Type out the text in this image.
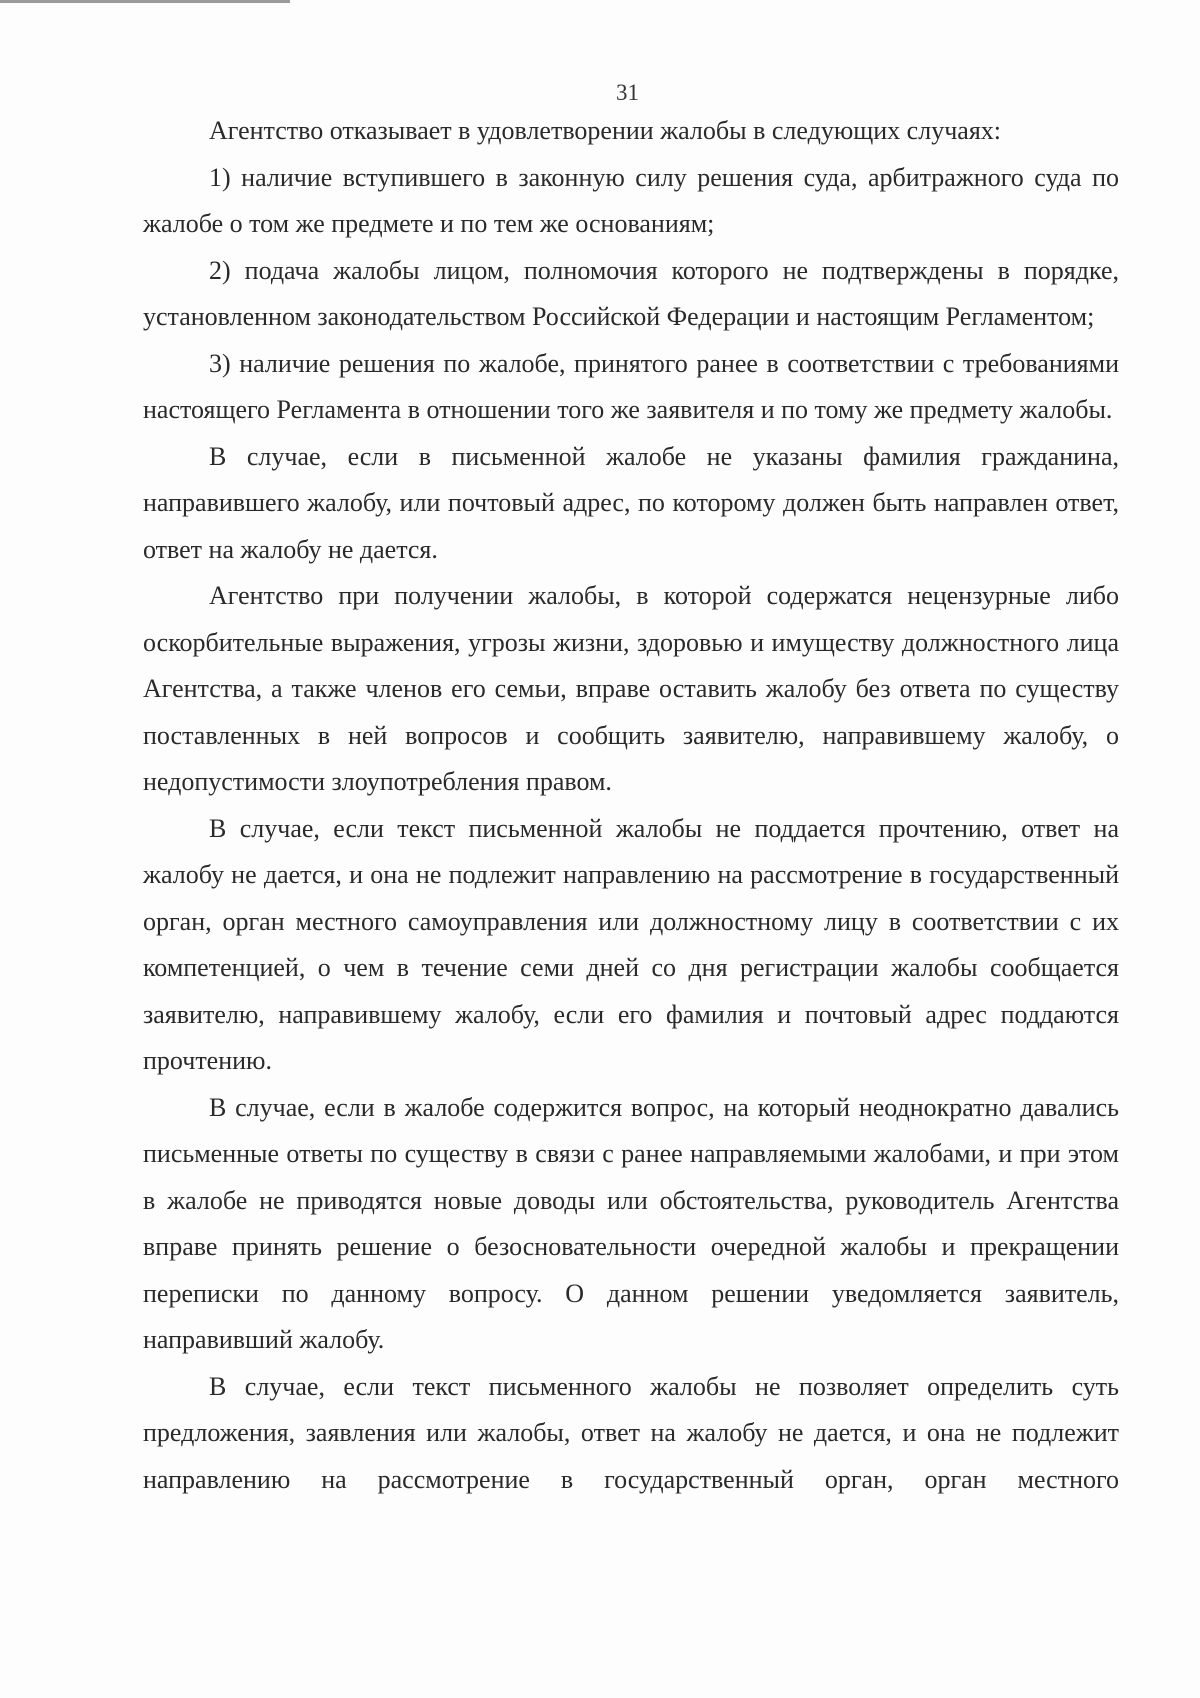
31

Агентство отказывает в удовлетворении жалобы в следующих случаях:

1) наличие вступившего в законную силу решения суда, арбитражного суда по жалобе о том же предмете и по тем же основаниям;

2) подача жалобы лицом, полномочия которого не подтверждены в порядке, установленном законодательством Российской Федерации и настоящим Регламентом;

3) наличие решения по жалобе, принятого ранее в соответствии с требованиями настоящего Регламента в отношении того же заявителя и по тому же предмету жалобы.

В случае, если в письменной жалобе не указаны фамилия гражданина, направившего жалобу, или почтовый адрес, по которому должен быть направлен ответ, ответ на жалобу не дается.

Агентство при получении жалобы, в которой содержатся нецензурные либо оскорбительные выражения, угрозы жизни, здоровью и имуществу должностного лица Агентства, а также членов его семьи, вправе оставить жалобу без ответа по существу поставленных в ней вопросов и сообщить заявителю, направившему жалобу, о недопустимости злоупотребления правом.

В случае, если текст письменной жалобы не поддается прочтению, ответ на жалобу не дается, и она не подлежит направлению на рассмотрение в государственный орган, орган местного самоуправления или должностному лицу в соответствии с их компетенцией, о чем в течение семи дней со дня регистрации жалобы сообщается заявителю, направившему жалобу, если его фамилия и почтовый адрес поддаются прочтению.

В случае, если в жалобе содержится вопрос, на который неоднократно давались письменные ответы по существу в связи с ранее направляемыми жалобами, и при этом в жалобе не приводятся новые доводы или обстоятельства, руководитель Агентства вправе принять решение о безосновательности очередной жалобы и прекращении переписки по данному вопросу. О данном решении уведомляется заявитель, направивший жалобу.

В случае, если текст письменного жалобы не позволяет определить суть предложения, заявления или жалобы, ответ на жалобу не дается, и она не подлежит направлению на рассмотрение в государственный орган, орган местного
